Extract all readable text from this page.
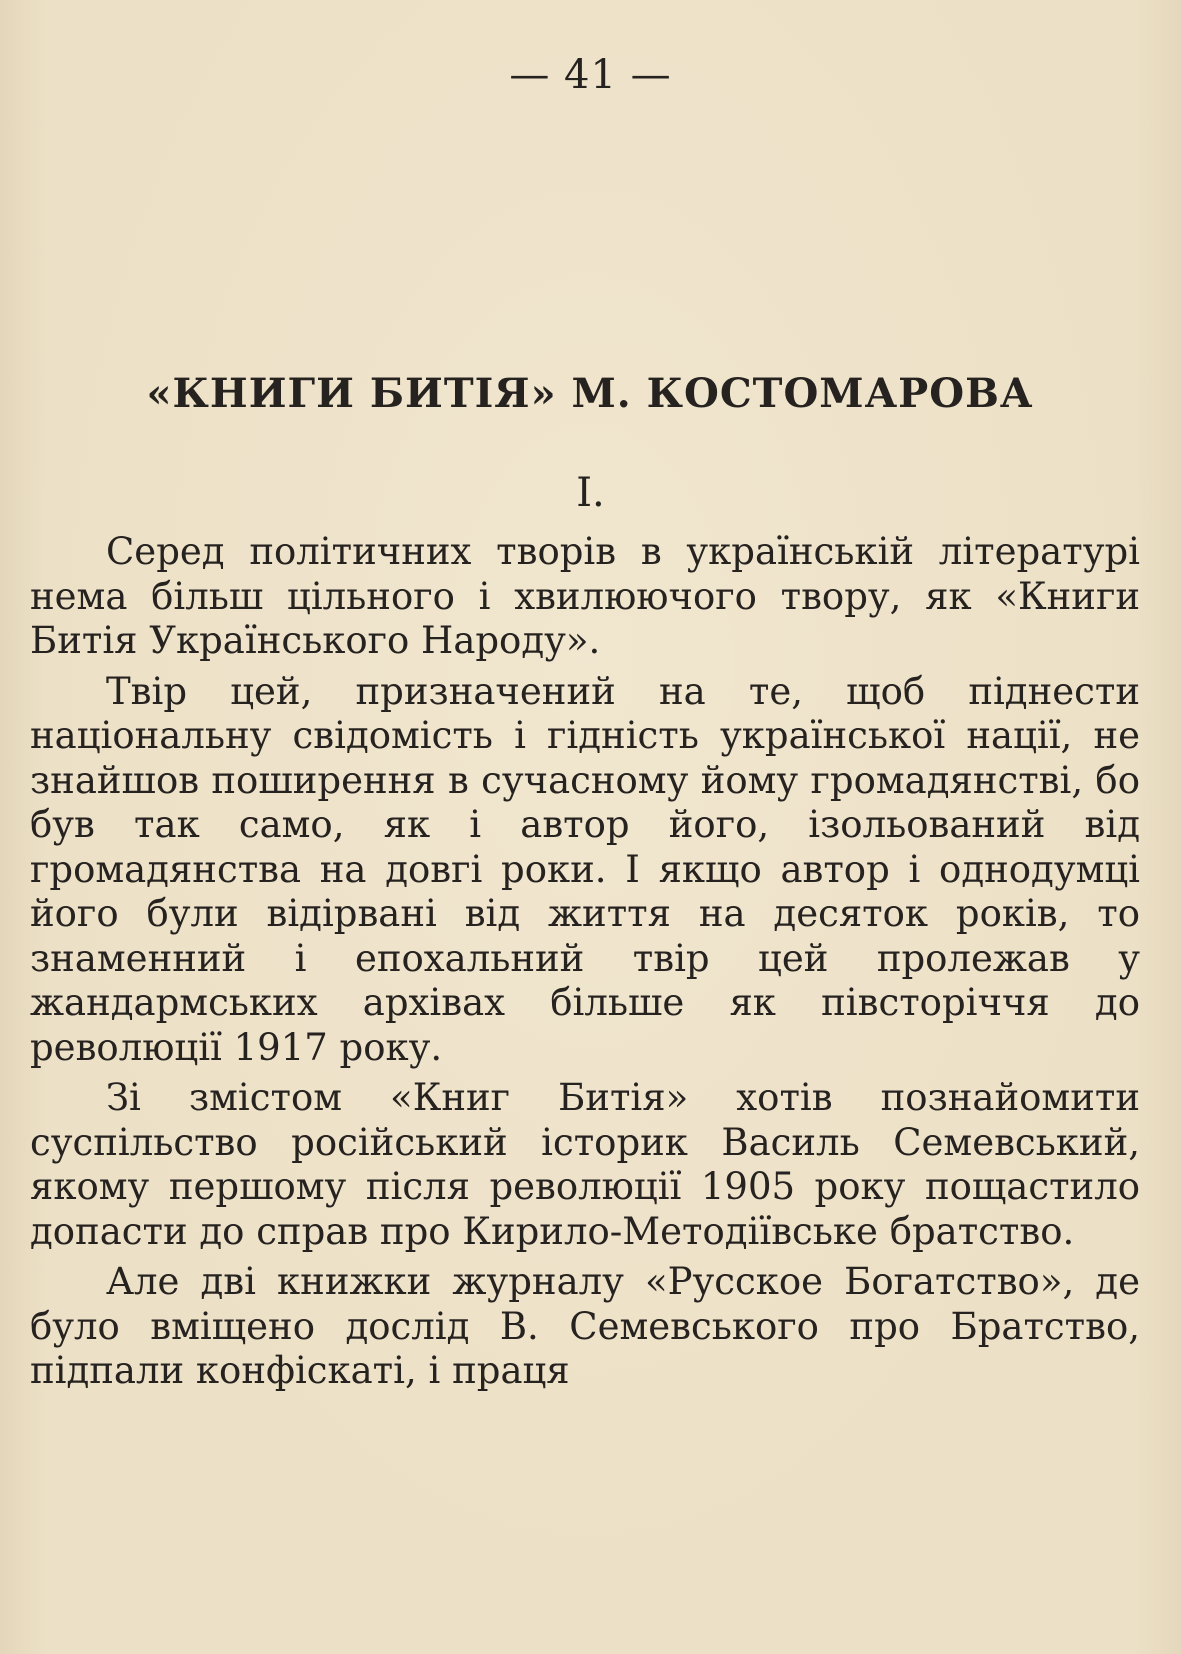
— 41 —
«КНИГИ БИТІЯ» М. КОСТОМАРОВА
I.

Серед політичних творів в українській літературі нема більш цільного і хвилюючого твору, як «Книги Битія Українського Народу».

Твір цей, призначений на те, щоб піднести національну свідомість і гідність української нації, не знайшов поширення в сучасному йому громадянстві, бо був так само, як і автор його, ізольований від громадянства на довгі роки. І якщо автор і однодумці його були відірвані від життя на десяток років, то знаменний і епохальний твір цей пролежав у жандармських архівах більше як півсторіччя до революції 1917 року.

Зі змістом «Книг Битія» хотів познайомити суспільство російський історик Василь Семевський, якому першому після революції 1905 року пощастило допасти до справ про Кирило-Методіївське братство.

Але дві книжки журналу «Русское Богатство», де було вміщено дослід В. Семевського про Братство, підпали конфіскаті, і праця
